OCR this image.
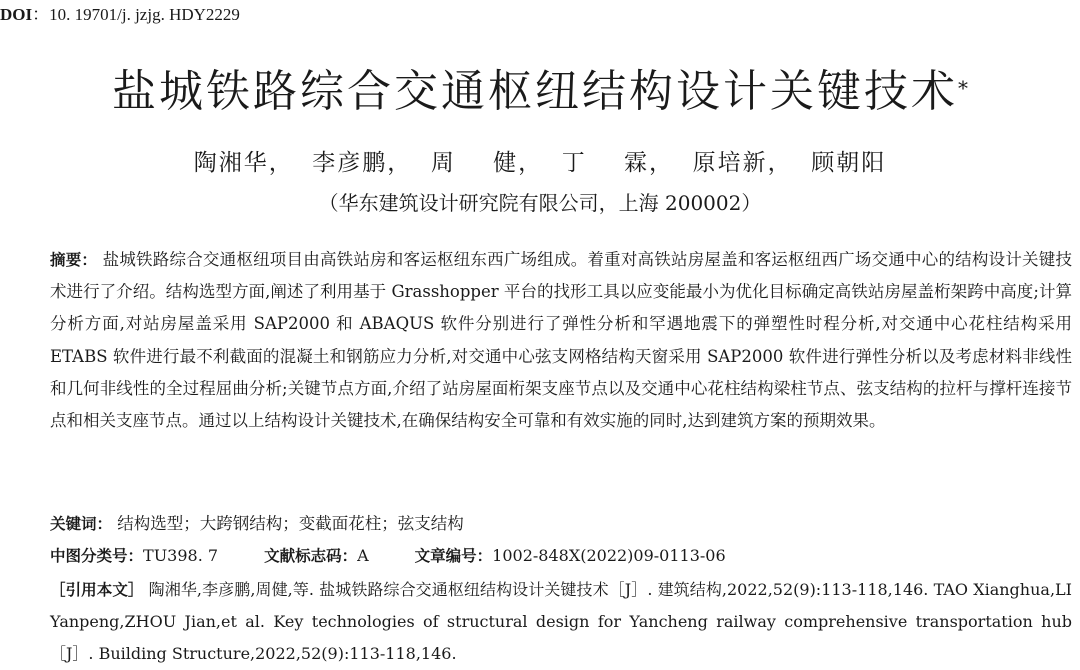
DOI：10. 19701/j. jzjg. HDY2229
盐城铁路综合交通枢纽结构设计关键技术*
陶湘华，  李彦鹏，  周    健，  丁    霖，  原培新，  顾朝阳
（华东建筑设计研究院有限公司，上海 200002）

摘要： 盐城铁路综合交通枢纽项目由高铁站房和客运枢纽东西广场组成。着重对高铁站房屋盖和客运枢纽西广场交通中心的结构设计关键技术进行了介绍。结构选型方面,阐述了利用基于 Grasshopper 平台的找形工具以应变能最小为优化目标确定高铁站房屋盖桁架跨中高度;计算分析方面,对站房屋盖采用 SAP2000 和 ABAQUS 软件分别进行了弹性分析和罕遇地震下的弹塑性时程分析,对交通中心花柱结构采用 ETABS 软件进行最不利截面的混凝土和钢筋应力分析,对交通中心弦支网格结构天窗采用 SAP2000 软件进行弹性分析以及考虑材料非线性和几何非线性的全过程屈曲分析;关键节点方面,介绍了站房屋面桁架支座节点以及交通中心花柱结构梁柱节点、弦支结构的拉杆与撑杆连接节点和相关支座节点。通过以上结构设计关键技术,在确保结构安全可靠和有效实施的同时,达到建筑方案的预期效果。

关键词： 结构选型；大跨钢结构；变截面花柱；弦支结构
中图分类号：TU398. 7	文献标志码：A	文章编号：1002-848X(2022)09-0113-06

［引用本文］ 陶湘华,李彦鹏,周健,等. 盐城铁路综合交通枢纽结构设计关键技术［J］. 建筑结构,2022,52(9):113-118,146. TAO Xianghua,LI Yanpeng,ZHOU Jian,et al. Key technologies of structural design for Yancheng railway comprehensive transportation hub［J］. Building Structure,2022,52(9):113-118,146.
